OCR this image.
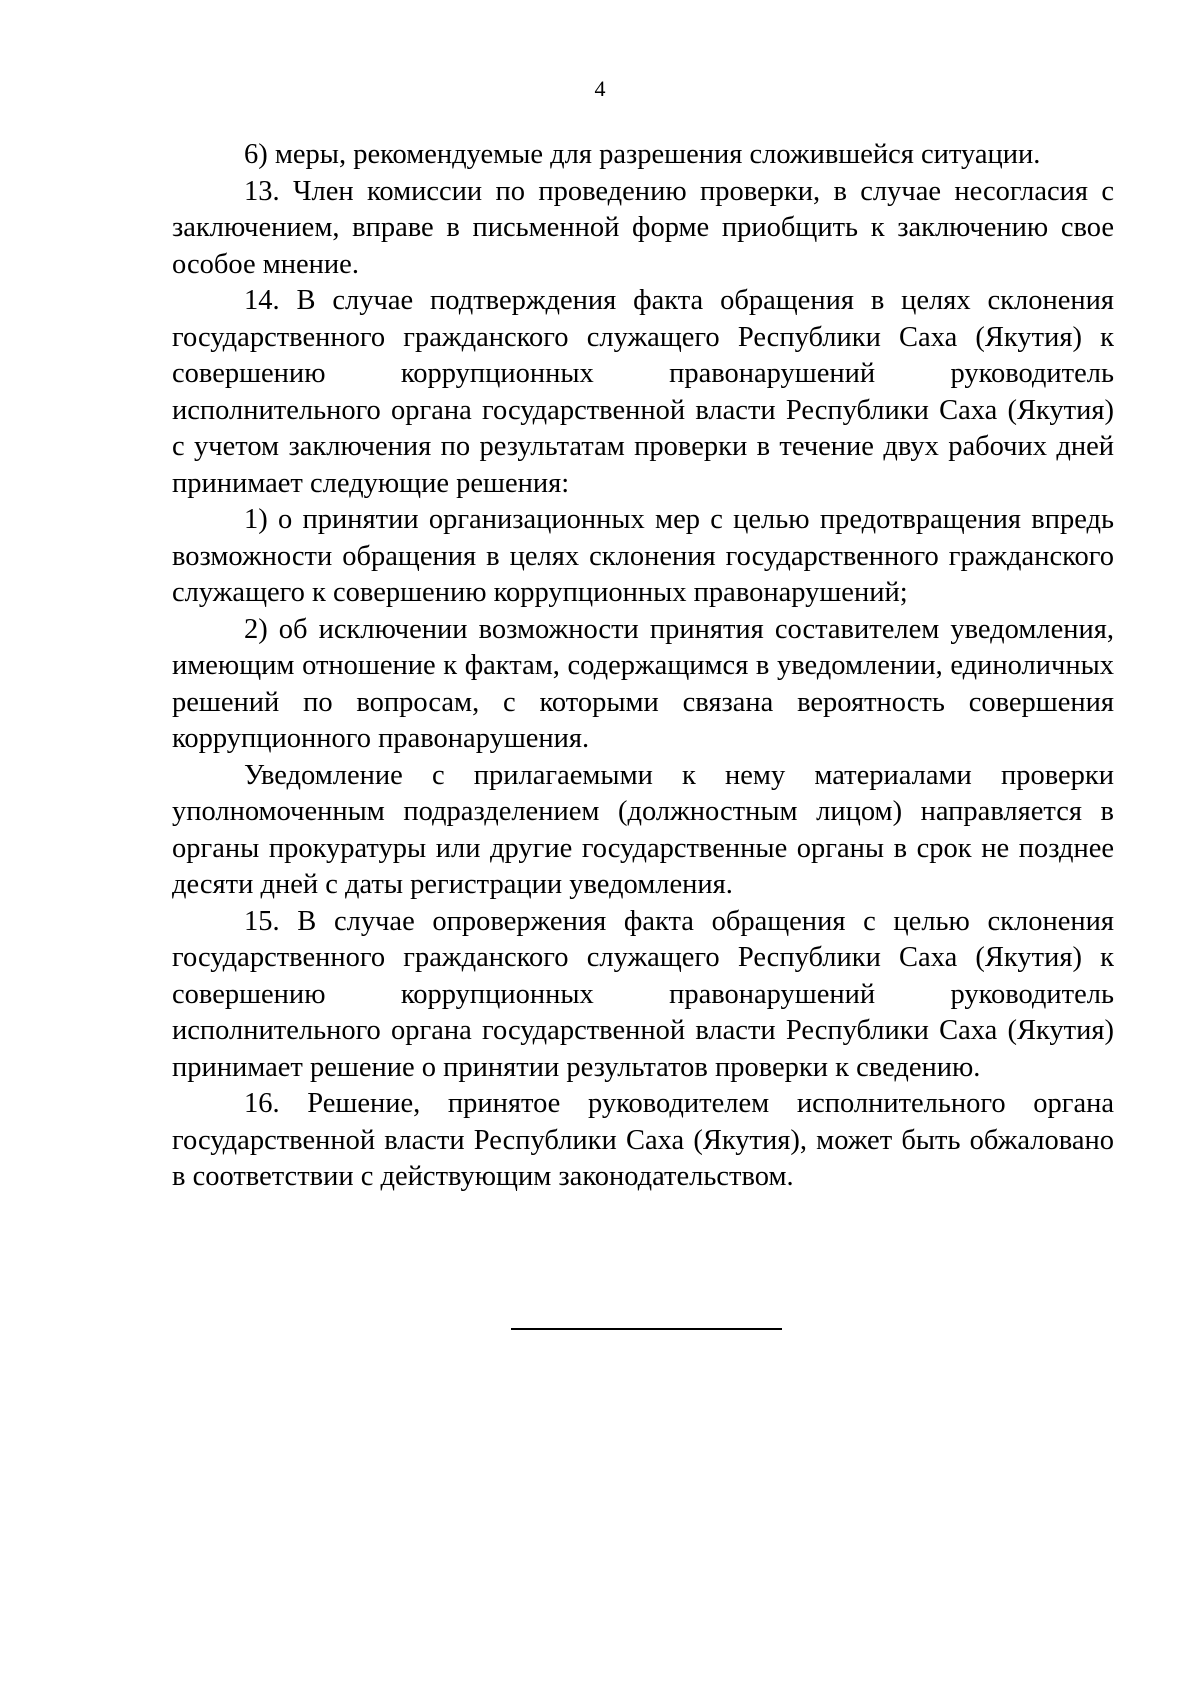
4

6) меры, рекомендуемые для разрешения сложившейся ситуации.

13. Член комиссии по проведению проверки, в случае несогласия с заключением, вправе в письменной форме приобщить к заключению свое особое мнение.

14. В случае подтверждения факта обращения в целях склонения государственного гражданского служащего Республики Саха (Якутия) к совершению коррупционных правонарушений руководитель исполнительного органа государственной власти Республики Саха (Якутия) с учетом заключения по результатам проверки в течение двух рабочих дней принимает следующие решения:

1) о принятии организационных мер с целью предотвращения впредь возможности обращения в целях склонения государственного гражданского служащего к совершению коррупционных правонарушений;

2) об исключении возможности принятия составителем уведомления, имеющим отношение к фактам, содержащимся в уведомлении, единоличных решений по вопросам, с которыми связана вероятность совершения коррупционного правонарушения.

Уведомление с прилагаемыми к нему материалами проверки уполномоченным подразделением (должностным лицом) направляется в органы прокуратуры или другие государственные органы в срок не позднее десяти дней с даты регистрации уведомления.

15. В случае опровержения факта обращения с целью склонения государственного гражданского служащего Республики Саха (Якутия) к совершению коррупционных правонарушений руководитель исполнительного органа государственной власти Республики Саха (Якутия) принимает решение о принятии результатов проверки к сведению.

16. Решение, принятое руководителем исполнительного органа государственной власти Республики Саха (Якутия), может быть обжаловано в соответствии с действующим законодательством.
